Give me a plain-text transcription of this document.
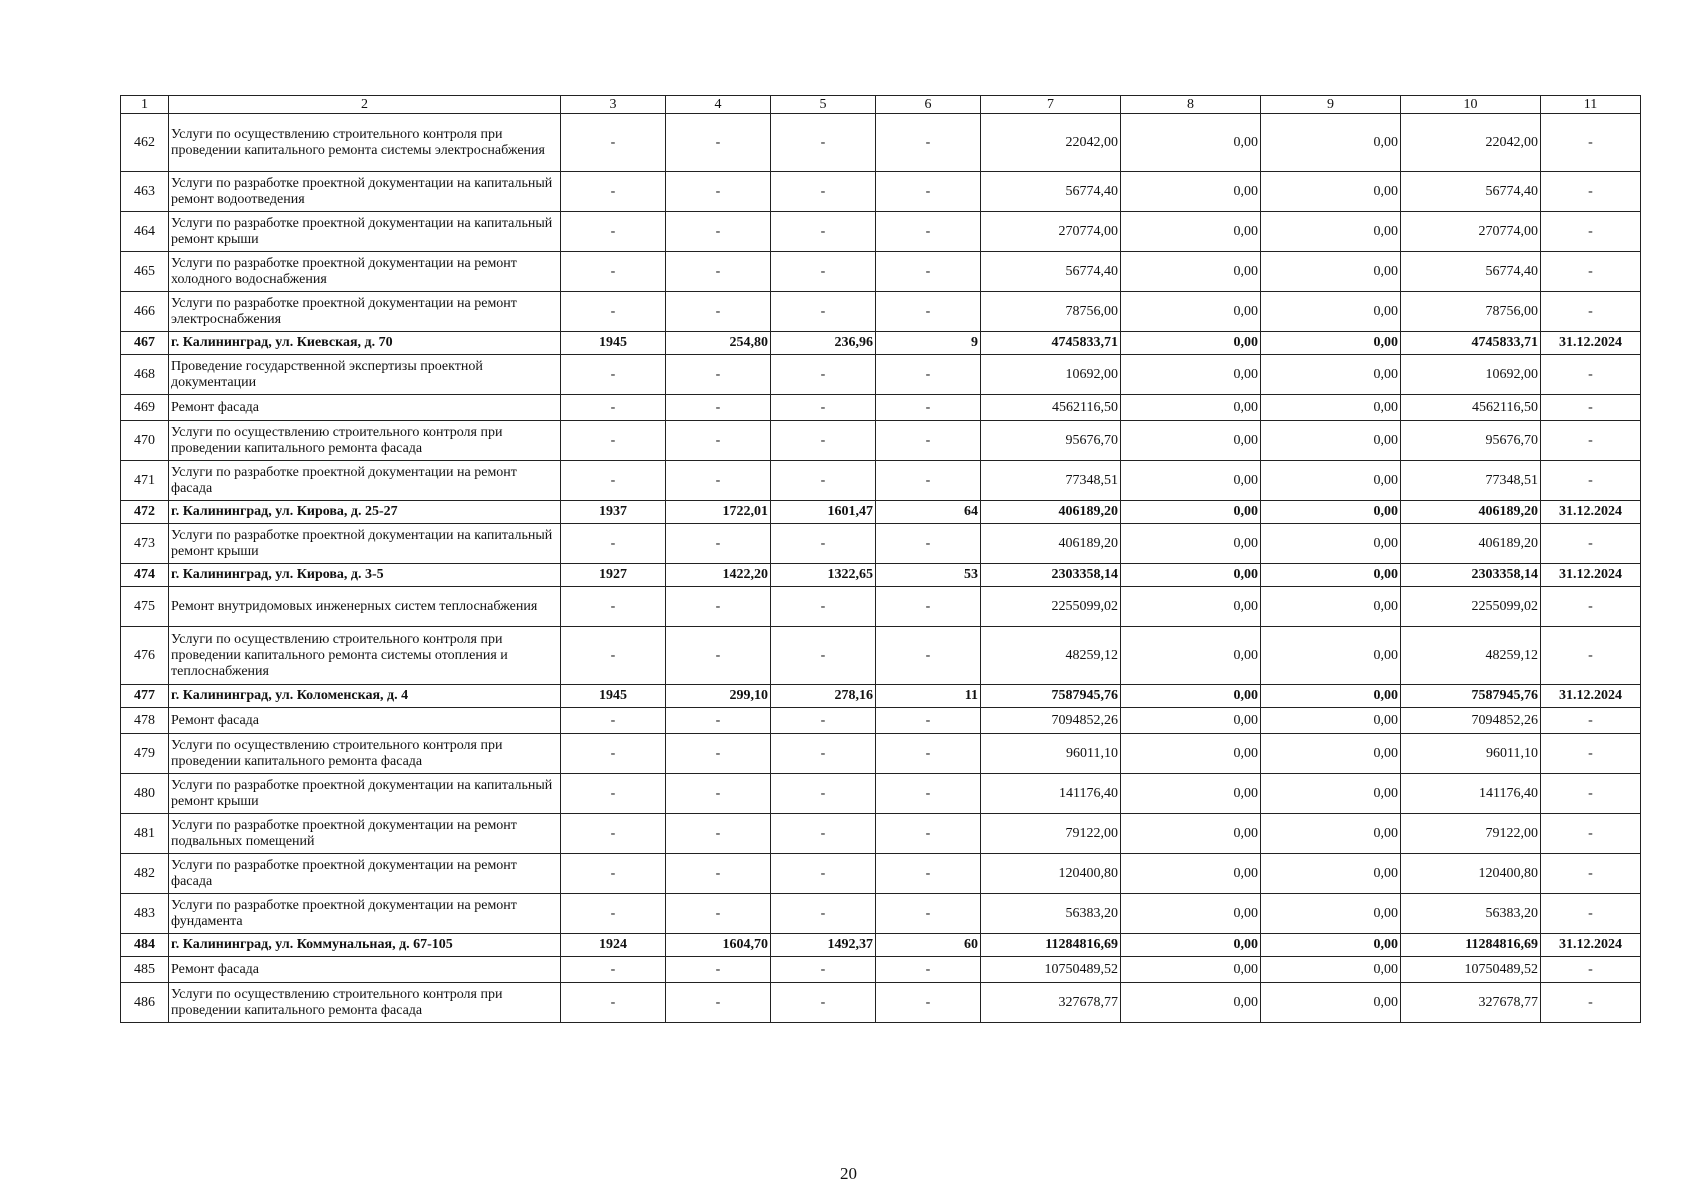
1	2	3	4	5	6	7	8	9	10	11
462	Услуги по осуществлению строительного контроля при проведении капитального ремонта системы электроснабжения	-	-	-	-	22042,00	0,00	0,00	22042,00	-
463	Услуги по разработке проектной документации на капитальный ремонт водоотведения	-	-	-	-	56774,40	0,00	0,00	56774,40	-
464	Услуги по разработке проектной документации на капитальный ремонт крыши	-	-	-	-	270774,00	0,00	0,00	270774,00	-
465	Услуги по разработке проектной документации на ремонт холодного водоснабжения	-	-	-	-	56774,40	0,00	0,00	56774,40	-
466	Услуги по разработке проектной документации на ремонт электроснабжения	-	-	-	-	78756,00	0,00	0,00	78756,00	-
467	г. Калининград, ул. Киевская, д. 70	1945	254,80	236,96	9	4745833,71	0,00	0,00	4745833,71	31.12.2024
468	Проведение государственной экспертизы проектной документации	-	-	-	-	10692,00	0,00	0,00	10692,00	-
469	Ремонт фасада	-	-	-	-	4562116,50	0,00	0,00	4562116,50	-
470	Услуги по осуществлению строительного контроля при проведении капитального ремонта фасада	-	-	-	-	95676,70	0,00	0,00	95676,70	-
471	Услуги по разработке проектной документации на ремонт фасада	-	-	-	-	77348,51	0,00	0,00	77348,51	-
472	г. Калининград, ул. Кирова, д. 25-27	1937	1722,01	1601,47	64	406189,20	0,00	0,00	406189,20	31.12.2024
473	Услуги по разработке проектной документации на капитальный ремонт крыши	-	-	-	-	406189,20	0,00	0,00	406189,20	-
474	г. Калининград, ул. Кирова, д. 3-5	1927	1422,20	1322,65	53	2303358,14	0,00	0,00	2303358,14	31.12.2024
475	Ремонт внутридомовых инженерных систем теплоснабжения	-	-	-	-	2255099,02	0,00	0,00	2255099,02	-
476	Услуги по осуществлению строительного контроля при проведении капитального ремонта системы отопления и теплоснабжения	-	-	-	-	48259,12	0,00	0,00	48259,12	-
477	г. Калининград, ул. Коломенская, д. 4	1945	299,10	278,16	11	7587945,76	0,00	0,00	7587945,76	31.12.2024
478	Ремонт фасада	-	-	-	-	7094852,26	0,00	0,00	7094852,26	-
479	Услуги по осуществлению строительного контроля при проведении капитального ремонта фасада	-	-	-	-	96011,10	0,00	0,00	96011,10	-
480	Услуги по разработке проектной документации на капитальный ремонт крыши	-	-	-	-	141176,40	0,00	0,00	141176,40	-
481	Услуги по разработке проектной документации на ремонт подвальных помещений	-	-	-	-	79122,00	0,00	0,00	79122,00	-
482	Услуги по разработке проектной документации на ремонт фасада	-	-	-	-	120400,80	0,00	0,00	120400,80	-
483	Услуги по разработке проектной документации на ремонт фундамента	-	-	-	-	56383,20	0,00	0,00	56383,20	-
484	г. Калининград, ул. Коммунальная, д. 67-105	1924	1604,70	1492,37	60	11284816,69	0,00	0,00	11284816,69	31.12.2024
485	Ремонт фасада	-	-	-	-	10750489,52	0,00	0,00	10750489,52	-
486	Услуги по осуществлению строительного контроля при проведении капитального ремонта фасада	-	-	-	-	327678,77	0,00	0,00	327678,77	-
20
